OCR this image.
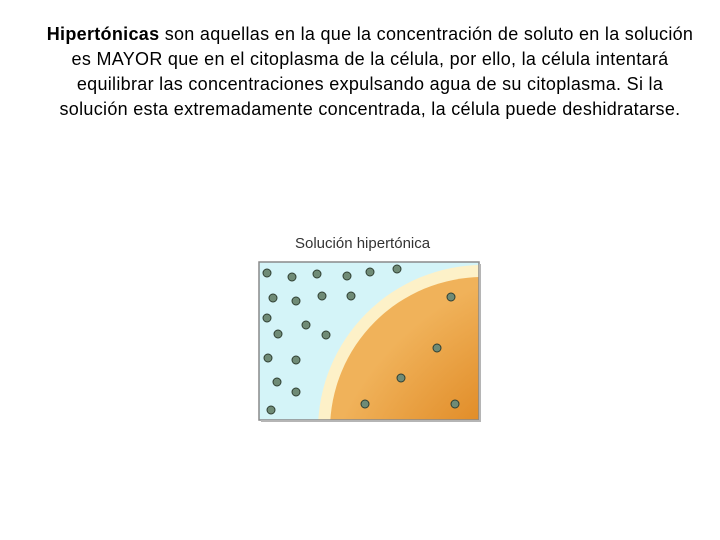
Hipertónicas son aquellas en la que la concentración de soluto en la solución es MAYOR que en el citoplasma de la célula, por ello, la célula intentará equilibrar las concentraciones expulsando agua de su citoplasma. Si la solución esta extremadamente concentrada, la célula puede deshidratarse.
Solución hipertónica
